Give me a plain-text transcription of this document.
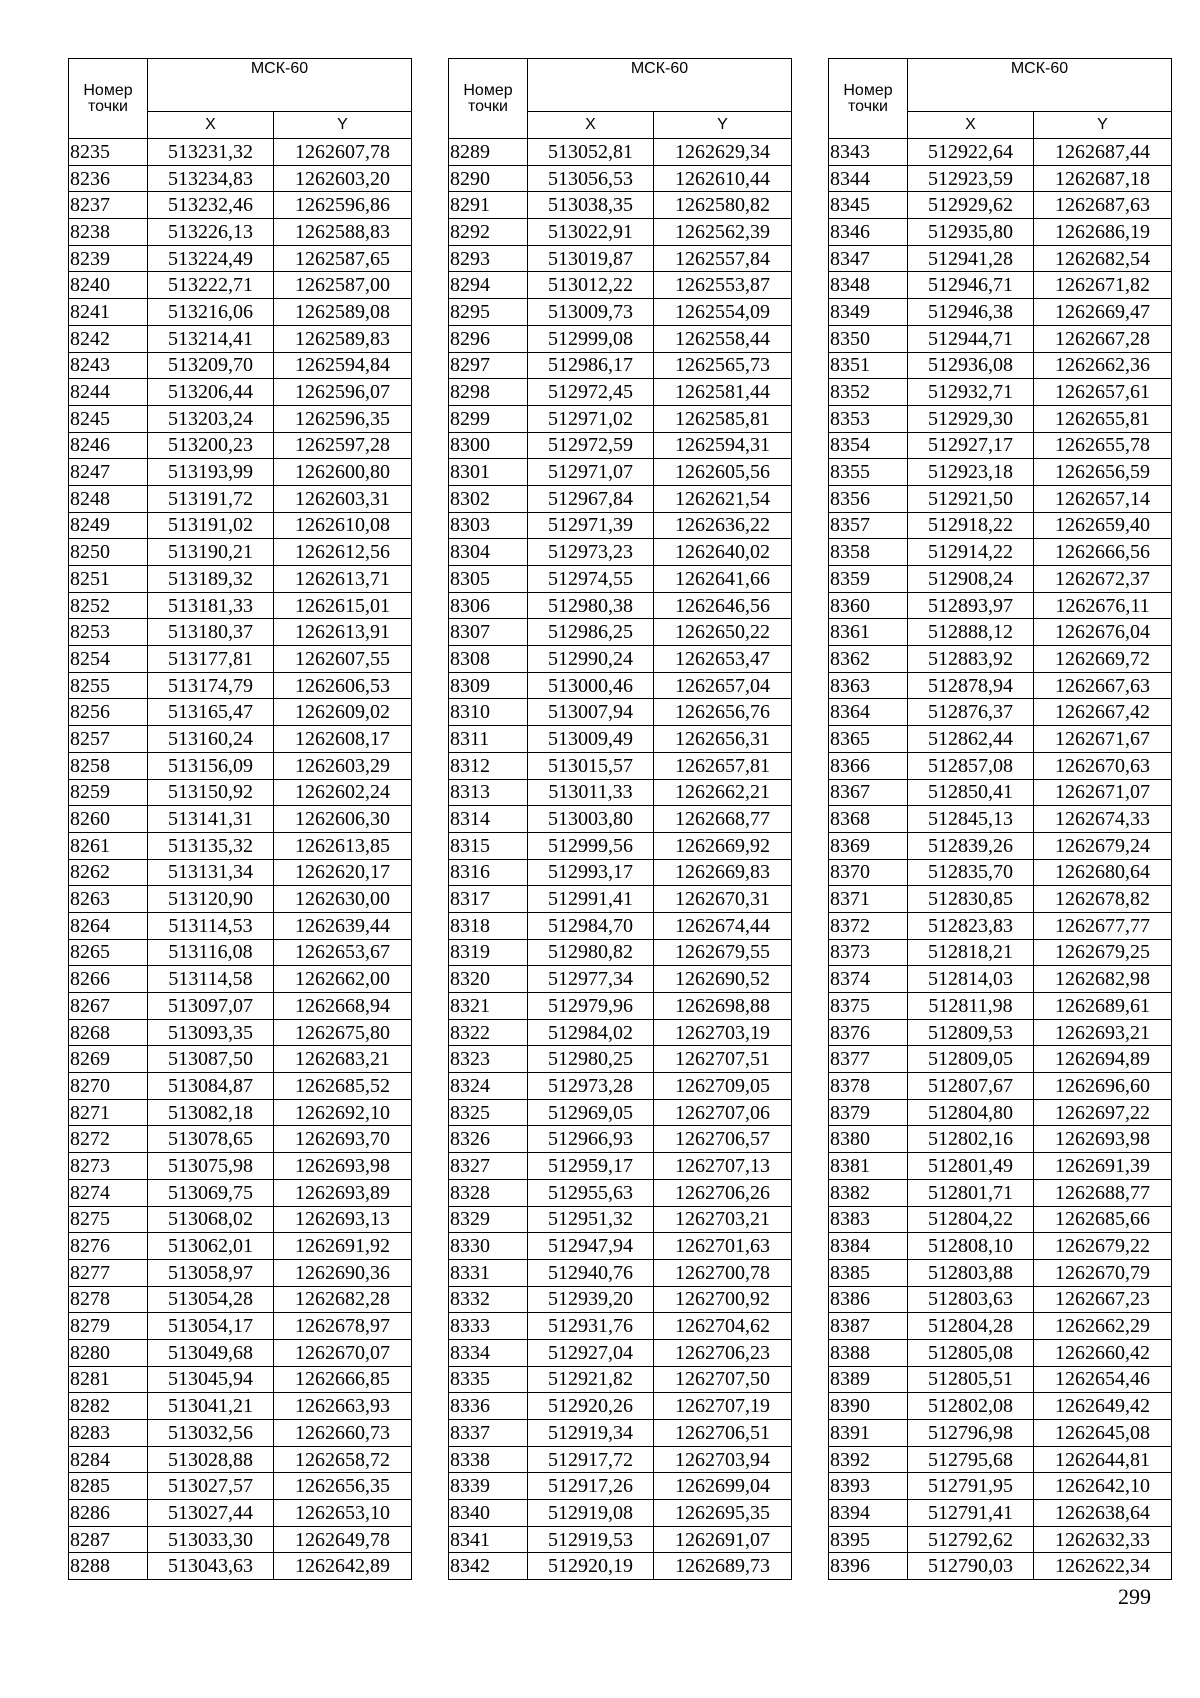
Номер
точки	МСК-60	
	X	Y
8235	513231,32	1262607,78
8236	513234,83	1262603,20
8237	513232,46	1262596,86
8238	513226,13	1262588,83
8239	513224,49	1262587,65
8240	513222,71	1262587,00
8241	513216,06	1262589,08
8242	513214,41	1262589,83
8243	513209,70	1262594,84
8244	513206,44	1262596,07
8245	513203,24	1262596,35
8246	513200,23	1262597,28
8247	513193,99	1262600,80
8248	513191,72	1262603,31
8249	513191,02	1262610,08
8250	513190,21	1262612,56
8251	513189,32	1262613,71
8252	513181,33	1262615,01
8253	513180,37	1262613,91
8254	513177,81	1262607,55
8255	513174,79	1262606,53
8256	513165,47	1262609,02
8257	513160,24	1262608,17
8258	513156,09	1262603,29
8259	513150,92	1262602,24
8260	513141,31	1262606,30
8261	513135,32	1262613,85
8262	513131,34	1262620,17
8263	513120,90	1262630,00
8264	513114,53	1262639,44
8265	513116,08	1262653,67
8266	513114,58	1262662,00
8267	513097,07	1262668,94
8268	513093,35	1262675,80
8269	513087,50	1262683,21
8270	513084,87	1262685,52
8271	513082,18	1262692,10
8272	513078,65	1262693,70
8273	513075,98	1262693,98
8274	513069,75	1262693,89
8275	513068,02	1262693,13
8276	513062,01	1262691,92
8277	513058,97	1262690,36
8278	513054,28	1262682,28
8279	513054,17	1262678,97
8280	513049,68	1262670,07
8281	513045,94	1262666,85
8282	513041,21	1262663,93
8283	513032,56	1262660,73
8284	513028,88	1262658,72
8285	513027,57	1262656,35
8286	513027,44	1262653,10
8287	513033,30	1262649,78
8288	513043,63	1262642,89
Номер
точки	МСК-60	
	X	Y
8289	513052,81	1262629,34
8290	513056,53	1262610,44
8291	513038,35	1262580,82
8292	513022,91	1262562,39
8293	513019,87	1262557,84
8294	513012,22	1262553,87
8295	513009,73	1262554,09
8296	512999,08	1262558,44
8297	512986,17	1262565,73
8298	512972,45	1262581,44
8299	512971,02	1262585,81
8300	512972,59	1262594,31
8301	512971,07	1262605,56
8302	512967,84	1262621,54
8303	512971,39	1262636,22
8304	512973,23	1262640,02
8305	512974,55	1262641,66
8306	512980,38	1262646,56
8307	512986,25	1262650,22
8308	512990,24	1262653,47
8309	513000,46	1262657,04
8310	513007,94	1262656,76
8311	513009,49	1262656,31
8312	513015,57	1262657,81
8313	513011,33	1262662,21
8314	513003,80	1262668,77
8315	512999,56	1262669,92
8316	512993,17	1262669,83
8317	512991,41	1262670,31
8318	512984,70	1262674,44
8319	512980,82	1262679,55
8320	512977,34	1262690,52
8321	512979,96	1262698,88
8322	512984,02	1262703,19
8323	512980,25	1262707,51
8324	512973,28	1262709,05
8325	512969,05	1262707,06
8326	512966,93	1262706,57
8327	512959,17	1262707,13
8328	512955,63	1262706,26
8329	512951,32	1262703,21
8330	512947,94	1262701,63
8331	512940,76	1262700,78
8332	512939,20	1262700,92
8333	512931,76	1262704,62
8334	512927,04	1262706,23
8335	512921,82	1262707,50
8336	512920,26	1262707,19
8337	512919,34	1262706,51
8338	512917,72	1262703,94
8339	512917,26	1262699,04
8340	512919,08	1262695,35
8341	512919,53	1262691,07
8342	512920,19	1262689,73
Номер
точки	МСК-60	
	X	Y
8343	512922,64	1262687,44
8344	512923,59	1262687,18
8345	512929,62	1262687,63
8346	512935,80	1262686,19
8347	512941,28	1262682,54
8348	512946,71	1262671,82
8349	512946,38	1262669,47
8350	512944,71	1262667,28
8351	512936,08	1262662,36
8352	512932,71	1262657,61
8353	512929,30	1262655,81
8354	512927,17	1262655,78
8355	512923,18	1262656,59
8356	512921,50	1262657,14
8357	512918,22	1262659,40
8358	512914,22	1262666,56
8359	512908,24	1262672,37
8360	512893,97	1262676,11
8361	512888,12	1262676,04
8362	512883,92	1262669,72
8363	512878,94	1262667,63
8364	512876,37	1262667,42
8365	512862,44	1262671,67
8366	512857,08	1262670,63
8367	512850,41	1262671,07
8368	512845,13	1262674,33
8369	512839,26	1262679,24
8370	512835,70	1262680,64
8371	512830,85	1262678,82
8372	512823,83	1262677,77
8373	512818,21	1262679,25
8374	512814,03	1262682,98
8375	512811,98	1262689,61
8376	512809,53	1262693,21
8377	512809,05	1262694,89
8378	512807,67	1262696,60
8379	512804,80	1262697,22
8380	512802,16	1262693,98
8381	512801,49	1262691,39
8382	512801,71	1262688,77
8383	512804,22	1262685,66
8384	512808,10	1262679,22
8385	512803,88	1262670,79
8386	512803,63	1262667,23
8387	512804,28	1262662,29
8388	512805,08	1262660,42
8389	512805,51	1262654,46
8390	512802,08	1262649,42
8391	512796,98	1262645,08
8392	512795,68	1262644,81
8393	512791,95	1262642,10
8394	512791,41	1262638,64
8395	512792,62	1262632,33
8396	512790,03	1262622,34
299
